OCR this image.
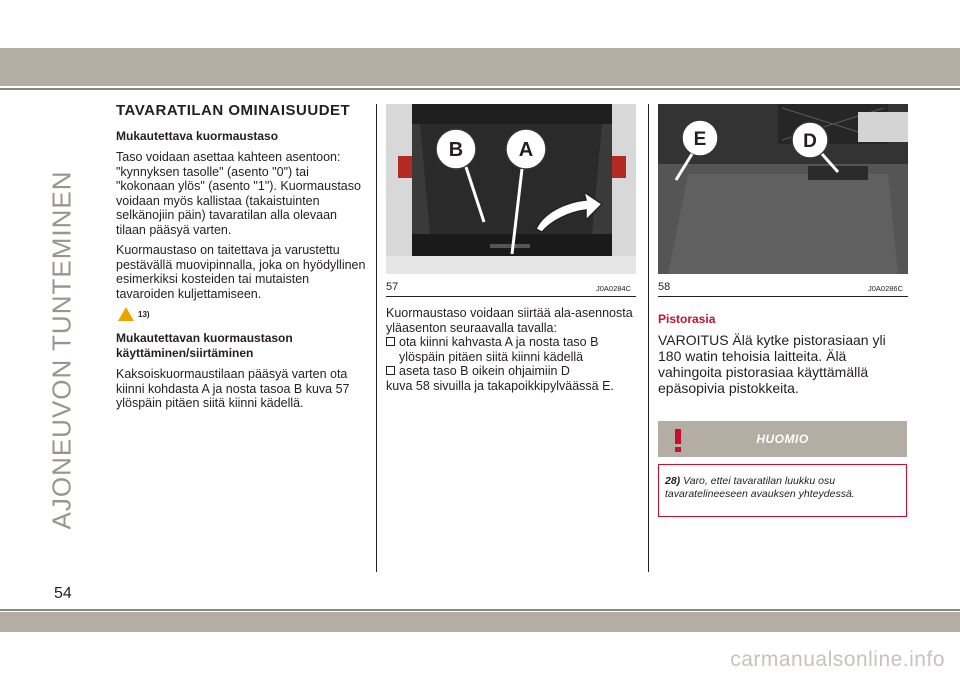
AJONEUVON TUNTEMINEN
TAVARATILAN OMINAISUUDET
Mukautettava kuormaustaso
Taso voidaan asettaa kahteen asentoon: "kynnyksen tasolle" (asento "0") tai "kokonaan ylös" (asento "1"). Kuormaustaso voidaan myös kallistaa (takaistuinten selkänojiin päin) tavaratilan alla olevaan tilaan pääsyä varten.
Kuormaustaso on taitettava ja varustettu pestävällä muovipinnalla, joka on hyödyllinen esimerkiksi kosteiden tai mutaisten tavaroiden kuljettamiseen.
13)
Mukautettavan kuormaustason käyttäminen/siirtäminen
Kaksoiskuormaustilaan pääsyä varten ota kiinni kohdasta A ja nosta tasoa B kuva 57 ylöspäin pitäen siitä kiinni kädellä.
B	A
57	J0A0284C
E	D
58	J0A0286C
Kuormaustaso voidaan siirtää ala-asennosta yläasenton seuraavalla tavalla:
ota kiinni kahvasta A ja nosta taso B ylöspäin pitäen siitä kiinni kädellä
aseta taso B oikein ohjaimiin D
kuva 58 sivuilla ja takapoikkipylväässä E.
Pistorasia
VAROITUS Älä kytke pistorasiaan yli 180 watin tehoisia laitteita. Älä vahingoita pistorasiaa käyttämällä epäsopivia pistokkeita.
HUOMIO
28) Varo, ettei tavaratilan luukku osu tavaratelineeseen avauksen yhteydessä.
54
carmanualsonline.info
